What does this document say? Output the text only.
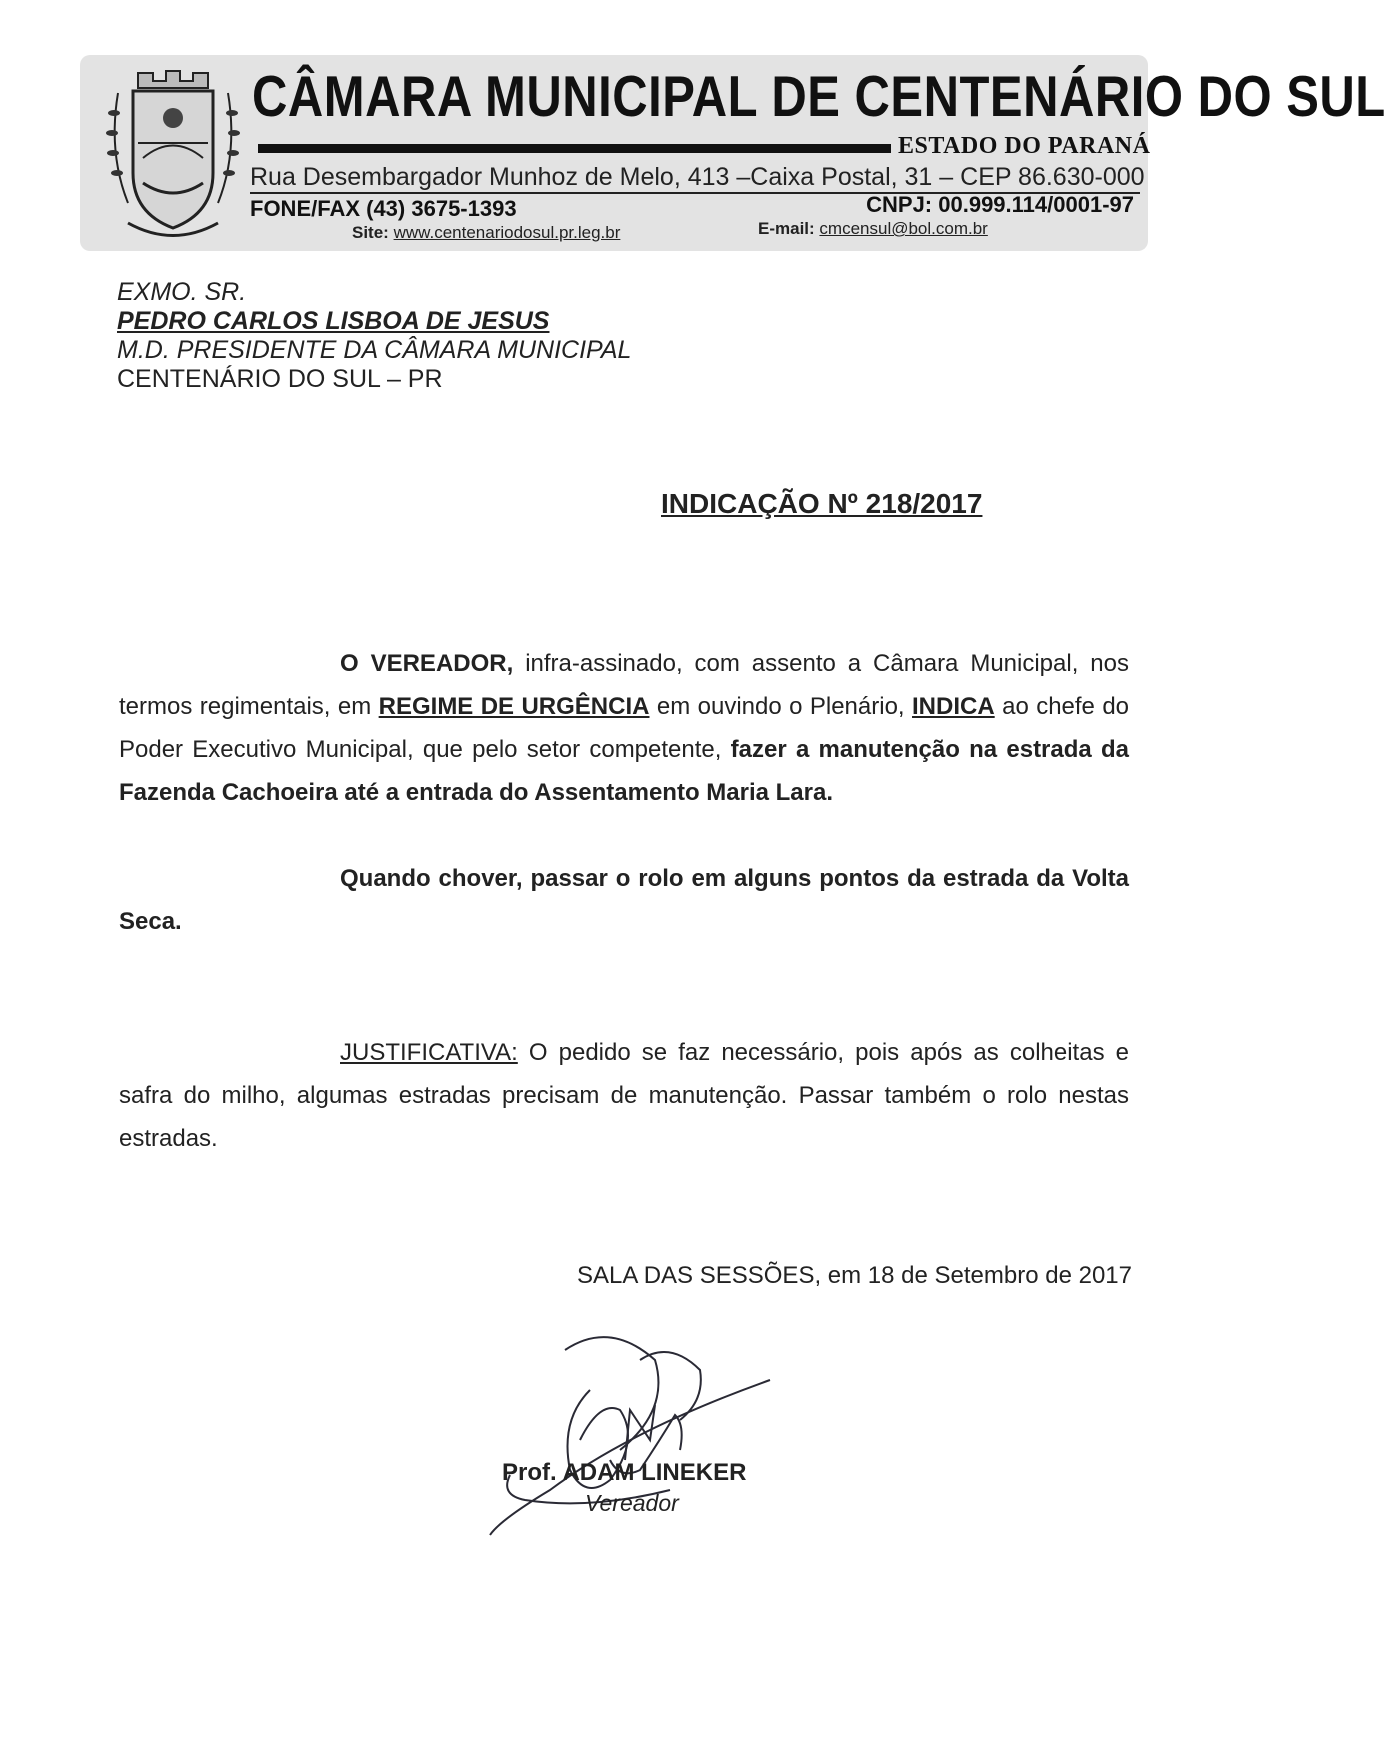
CÂMARA MUNICIPAL DE CENTENÁRIO DO SUL
ESTADO DO PARANÁ
Rua Desembargador Munhoz de Melo, 413 – Caixa Postal, 31 – CEP 86.630-000
FONE/FAX (43) 3675-1393	CNPJ: 00.999.114/0001-97
Site: www.centenariodosul.pr.leg.br	E-mail: cmcensul@bol.com.br
EXMO. SR.
PEDRO CARLOS LISBOA DE JESUS
M.D. PRESIDENTE DA CÂMARA MUNICIPAL
CENTENÁRIO DO SUL – PR
INDICAÇÃO Nº 218/2017

O VEREADOR, infra-assinado, com assento a Câmara Municipal, nos termos regimentais, em REGIME DE URGÊNCIA em ouvindo o Plenário, INDICA ao chefe do Poder Executivo Municipal, que pelo setor competente, fazer a manutenção na estrada da Fazenda Cachoeira até a entrada do Assentamento Maria Lara.

Quando chover, passar o rolo em alguns pontos da estrada da Volta Seca.

JUSTIFICATIVA: O pedido se faz necessário, pois após as colheitas e safra do milho, algumas estradas precisam de manutenção. Passar também o rolo nestas estradas.

SALA DAS SESSÕES, em 18 de Setembro de 2017
Prof. ADAM LINEKER
Vereador
